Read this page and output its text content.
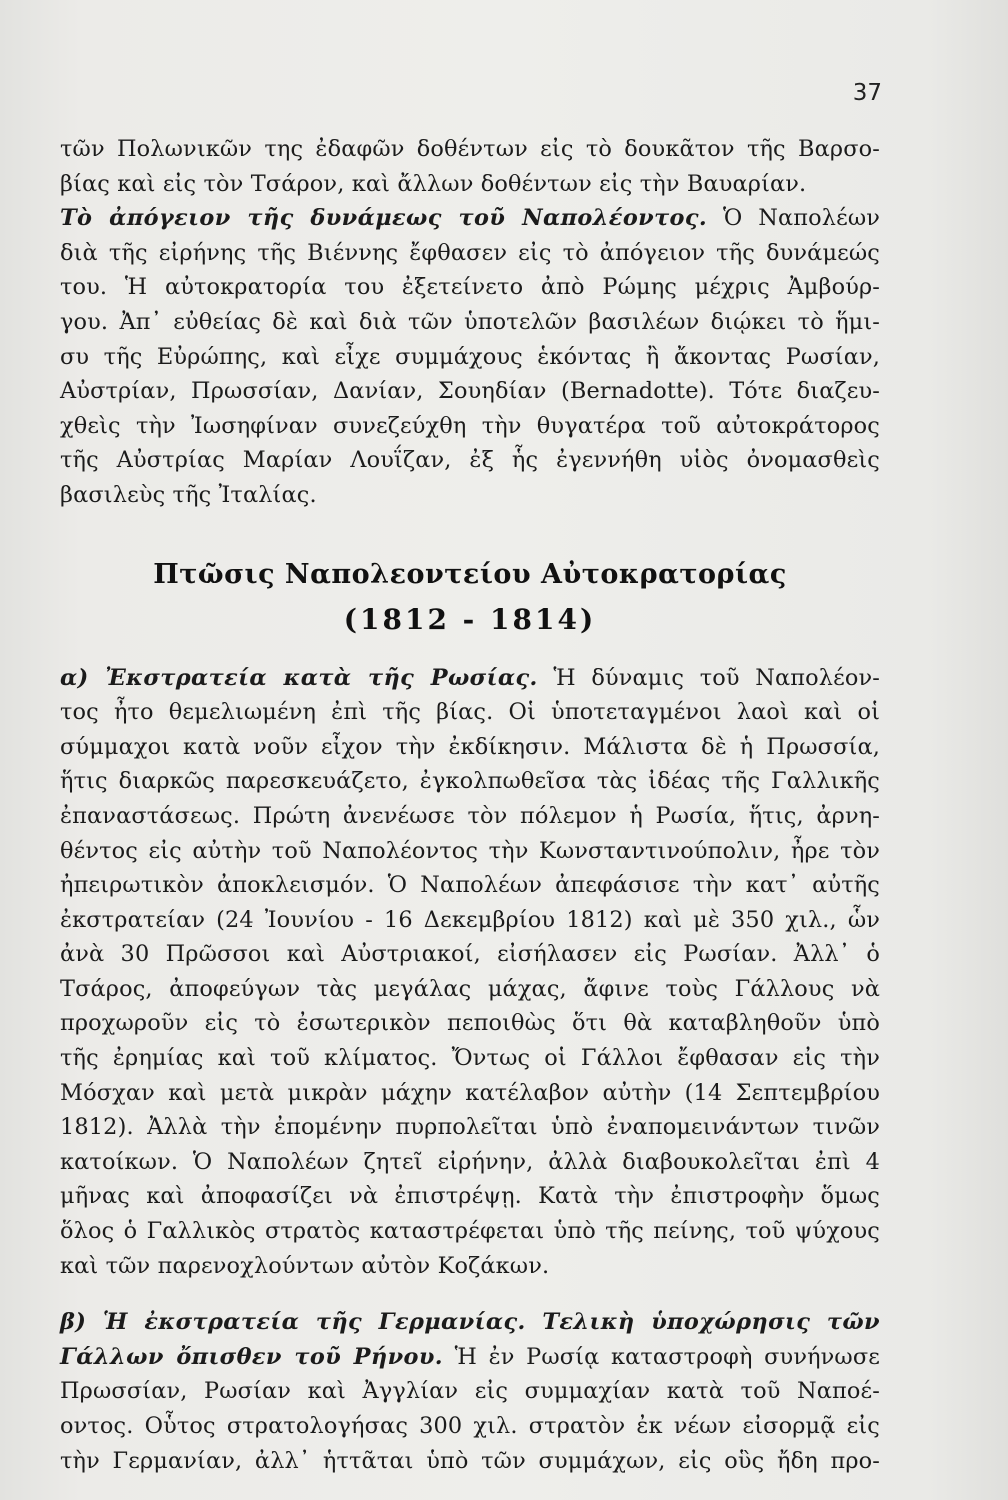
37
τῶν Πολωνικῶν της ἐδαφῶν δοθέντων εἰς τὸ δουκᾶτον τῆς Βαρσο-
βίας καὶ εἰς τὸν Τσάρον, καὶ ἄλλων δοθέντων εἰς τὴν Βαυαρίαν.
Τὸ ἀπόγειον τῆς δυνάμεως τοῦ Ναπολέοντος. Ὁ Ναπολέων
διὰ τῆς εἰρήνης τῆς Βιέννης ἔφθασεν εἰς τὸ ἀπόγειον τῆς δυνάμεώς
του. Ἡ αὐτοκρατορία του ἐξετείνετο ἀπὸ Ρώμης μέχρις Ἀμβούρ-
γου. Ἀπ᾿ εὐθείας δὲ καὶ διὰ τῶν ὑποτελῶν βασιλέων διῴκει τὸ ἥμι-
συ τῆς Εὐρώπης, καὶ εἶχε συμμάχους ἑκόντας ἢ ἄκοντας Ρωσίαν,
Αὐστρίαν, Πρωσσίαν, Δανίαν, Σουηδίαν (Bernadotte). Τότε διαζευ-
χθεὶς τὴν Ἰωσηφίναν συνεζεύχθη τὴν θυγατέρα τοῦ αὐτοκράτορος
τῆς Αὐστρίας Μαρίαν Λουΐζαν, ἐξ ἧς ἐγεννήθη υἱὸς ὀνομασθεὶς
βασιλεὺς τῆς Ἰταλίας.
Πτῶσις Ναπολεοντείου Αὐτοκρατορίας
(1812 - 1814)
α) Ἐκστρατεία κατὰ τῆς Ρωσίας. Ἡ δύναμις τοῦ Ναπολέον-
τος ἦτο θεμελιωμένη ἐπὶ τῆς βίας. Οἱ ὑποτεταγμένοι λαοὶ καὶ οἱ
σύμμαχοι κατὰ νοῦν εἶχον τὴν ἐκδίκησιν. Μάλιστα δὲ ἡ Πρωσσία,
ἥτις διαρκῶς παρεσκευάζετο, ἐγκολπωθεῖσα τὰς ἰδέας τῆς Γαλλικῆς
ἐπαναστάσεως. Πρώτη ἀνενέωσε τὸν πόλεμον ἡ Ρωσία, ἥτις, ἀρνη-
θέντος εἰς αὐτὴν τοῦ Ναπολέοντος τὴν Κωνσταντινούπολιν, ἦρε τὸν
ἠπειρωτικὸν ἀποκλεισμόν. Ὁ Ναπολέων ἀπεφάσισε τὴν κατ᾿ αὐτῆς
ἐκστρατείαν (24 Ἰουνίου - 16 Δεκεμβρίου 1812) καὶ μὲ 350 χιλ., ὧν
ἀνὰ 30 Πρῶσσοι καὶ Αὐστριακοί, εἰσήλασεν εἰς Ρωσίαν. Ἀλλ᾿ ὁ
Τσάρος, ἀποφεύγων τὰς μεγάλας μάχας, ἄφινε τοὺς Γάλλους νὰ
προχωροῦν εἰς τὸ ἐσωτερικὸν πεποιθὼς ὅτι θὰ καταβληθοῦν ὑπὸ
τῆς ἐρημίας καὶ τοῦ κλίματος. Ὄντως οἱ Γάλλοι ἔφθασαν εἰς τὴν
Μόσχαν καὶ μετὰ μικρὰν μάχην κατέλαβον αὐτὴν (14 Σεπτεμβρίου
1812). Ἀλλὰ τὴν ἐπομένην πυρπολεῖται ὑπὸ ἐναπομεινάντων τινῶν
κατοίκων. Ὁ Ναπολέων ζητεῖ εἰρήνην, ἀλλὰ διαβουκολεῖται ἐπὶ 4
μῆνας καὶ ἀποφασίζει νὰ ἐπιστρέψῃ. Κατὰ τὴν ἐπιστροφὴν ὅμως
ὅλος ὁ Γαλλικὸς στρατὸς καταστρέφεται ὑπὸ τῆς πείνης, τοῦ ψύχους
καὶ τῶν παρενοχλούντων αὐτὸν Κοζάκων.
β) Ἡ ἐκστρατεία τῆς Γερμανίας. Τελικὴ ὑποχώρησις τῶν
Γάλλων ὄπισθεν τοῦ Ρήνου. Ἡ ἐν Ρωσίᾳ καταστροφὴ συνήνωσε
Πρωσσίαν, Ρωσίαν καὶ Ἀγγλίαν εἰς συμμαχίαν κατὰ τοῦ Ναποέ-
οντος. Οὗτος στρατολογήσας 300 χιλ. στρατὸν ἐκ νέων εἰσορμᾷ εἰς
τὴν Γερμανίαν, ἀλλ᾿ ἡττᾶται ὑπὸ τῶν συμμάχων, εἰς οὓς ἤδη προ-
